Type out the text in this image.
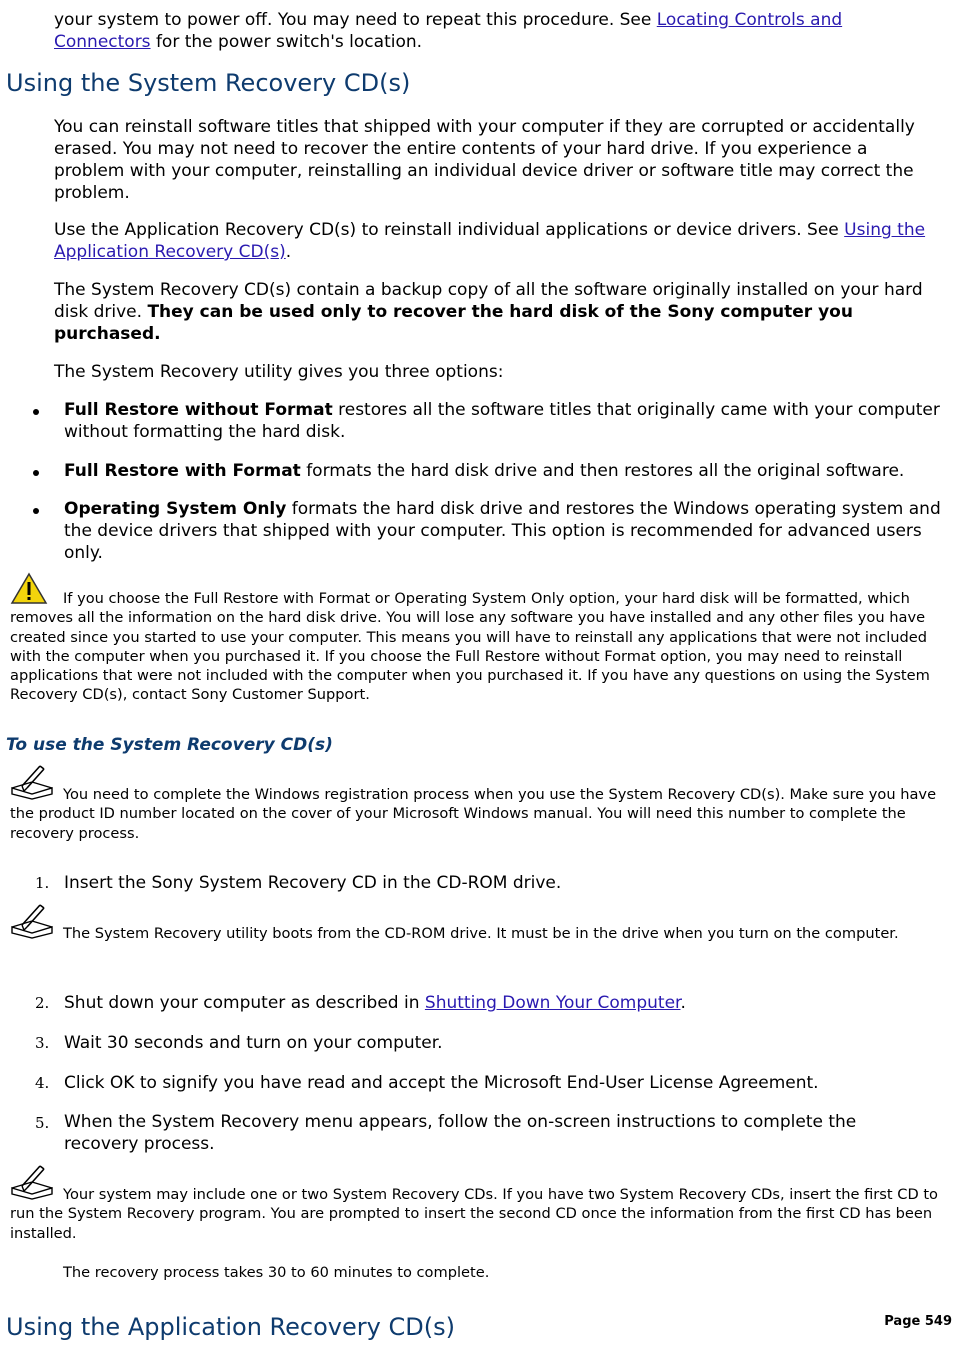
your system to power off. You may need to repeat this procedure. See Locating Controls and Connectors for the power switch's location.

Using the System Recovery CD(s)

You can reinstall software titles that shipped with your computer if they are corrupted or accidentally erased. You may not need to recover the entire contents of your hard drive. If you experience a problem with your computer, reinstalling an individual device driver or software title may correct the problem.

Use the Application Recovery CD(s) to reinstall individual applications or device drivers. See Using the Application Recovery CD(s).

The System Recovery CD(s) contain a backup copy of all the software originally installed on your hard disk drive. They can be used only to recover the hard disk of the Sony computer you purchased.

The System Recovery utility gives you three options:

Full Restore without Format restores all the software titles that originally came with your computer without formatting the hard disk.

Full Restore with Format formats the hard disk drive and then restores all the original software.

Operating System Only formats the hard disk drive and restores the Windows operating system and the device drivers that shipped with your computer. This option is recommended for advanced users only.

If you choose the Full Restore with Format or Operating System Only option, your hard disk will be formatted, which removes all the information on the hard disk drive. You will lose any software you have installed and any other files you have created since you started to use your computer. This means you will have to reinstall any applications that were not included with the computer when you purchased it. If you choose the Full Restore without Format option, you may need to reinstall applications that were not included with the computer when you purchased it. If you have any questions on using the System Recovery CD(s), contact Sony Customer Support.

To use the System Recovery CD(s)

You need to complete the Windows registration process when you use the System Recovery CD(s). Make sure you have the product ID number located on the cover of your Microsoft Windows manual. You will need this number to complete the recovery process.

1. Insert the Sony System Recovery CD in the CD-ROM drive.

The System Recovery utility boots from the CD-ROM drive. It must be in the drive when you turn on the computer.

2. Shut down your computer as described in Shutting Down Your Computer.

3. Wait 30 seconds and turn on your computer.

4. Click OK to signify you have read and accept the Microsoft End-User License Agreement.

5. When the System Recovery menu appears, follow the on-screen instructions to complete the recovery process.

Your system may include one or two System Recovery CDs. If you have two System Recovery CDs, insert the first CD to run the System Recovery program. You are prompted to insert the second CD once the information from the first CD has been installed.

The recovery process takes 30 to 60 minutes to complete.

Using the Application Recovery CD(s)	Page 549
